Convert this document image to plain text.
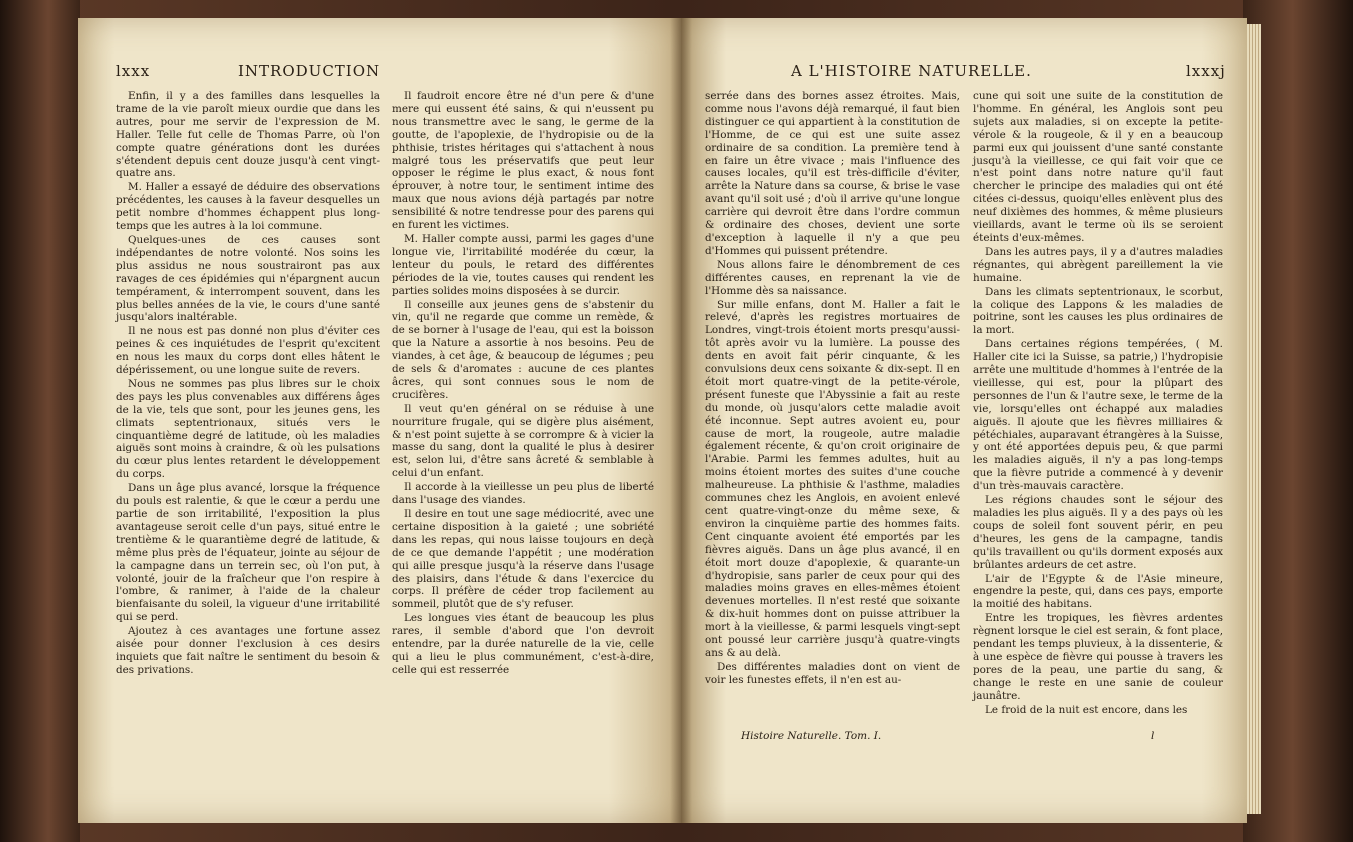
lxxx	INTRODUCTION

Enfin, il y a des familles dans lesquelles la trame de la vie paroît mieux ourdie que dans les autres, pour me servir de l'expression de M. Haller. Telle fut celle de Thomas Parre, où l'on compte quatre générations dont les durées s'étendent depuis cent douze jusqu'à cent vingt-quatre ans.

M. Haller a essayé de déduire des observations précédentes, les causes à la faveur desquelles un petit nombre d'hommes échappent plus long-temps que les autres à la loi commune.

Quelques-unes de ces causes sont indépendantes de notre volonté. Nos soins les plus assidus ne nous soustrairont pas aux ravages de ces épidémies qui n'épargnent aucun tempérament, & interrompent souvent, dans les plus belles années de la vie, le cours d'une santé jusqu'alors inaltérable.

Il ne nous est pas donné non plus d'éviter ces peines & ces inquiétudes de l'esprit qu'excitent en nous les maux du corps dont elles hâtent le dépérissement, ou une longue suite de revers.

Nous ne sommes pas plus libres sur le choix des pays les plus convenables aux différens âges de la vie, tels que sont, pour les jeunes gens, les climats septentrionaux, situés vers le cinquantième degré de latitude, où les maladies aiguës sont moins à craindre, & où les pulsations du cœur plus lentes retardent le développement du corps.

Dans un âge plus avancé, lorsque la fréquence du pouls est ralentie, & que le cœur a perdu une partie de son irritabilité, l'exposition la plus avantageuse seroit celle d'un pays, situé entre le trentième & le quarantième degré de latitude, & même plus près de l'équateur, jointe au séjour de la campagne dans un terrein sec, où l'on put, à volonté, jouir de la fraîcheur que l'on respire à l'ombre, & ranimer, à l'aide de la chaleur bienfaisante du soleil, la vigueur d'une irritabilité qui se perd.

Ajoutez à ces avantages une fortune assez aisée pour donner l'exclusion à ces desirs inquiets que fait naître le sentiment du besoin & des privations.

Il faudroit encore être né d'un pere & d'une mere qui eussent été sains, & qui n'eussent pu nous transmettre avec le sang, le germe de la goutte, de l'apoplexie, de l'hydropisie ou de la phthisie, tristes héritages qui s'attachent à nous malgré tous les préservatifs que peut leur opposer le régime le plus exact, & nous font éprouver, à notre tour, le sentiment intime des maux que nous avions déjà partagés par notre sensibilité & notre tendresse pour des parens qui en furent les victimes.

M. Haller compte aussi, parmi les gages d'une longue vie, l'irritabilité modérée du cœur, la lenteur du pouls, le retard des différentes périodes de la vie, toutes causes qui rendent les parties solides moins disposées à se durcir.

Il conseille aux jeunes gens de s'abstenir du vin, qu'il ne regarde que comme un remède, & de se borner à l'usage de l'eau, qui est la boisson que la Nature a assortie à nos besoins. Peu de viandes, à cet âge, & beaucoup de légumes ; peu de sels & d'aromates : aucune de ces plantes âcres, qui sont connues sous le nom de crucifères.

Il veut qu'en général on se réduise à une nourriture frugale, qui se digère plus aisément, & n'est point sujette à se corrompre & à vicier la masse du sang, dont la qualité le plus à desirer est, selon lui, d'être sans âcreté & semblable à celui d'un enfant.

Il accorde à la vieillesse un peu plus de liberté dans l'usage des viandes.

Il desire en tout une sage médiocrité, avec une certaine disposition à la gaieté ; une sobriété dans les repas, qui nous laisse toujours en deçà de ce que demande l'appétit ; une modération qui aille presque jusqu'à la réserve dans l'usage des plaisirs, dans l'étude & dans l'exercice du corps. Il préfère de céder trop facilement au sommeil, plutôt que de s'y refuser.

Les longues vies étant de beaucoup les plus rares, il semble d'abord que l'on devroit entendre, par la durée naturelle de la vie, celle qui a lieu le plus communément, c'est-à-dire, celle qui est resserrée

A L'HISTOIRE NATURELLE.	lxxxj

serrée dans des bornes assez étroites. Mais, comme nous l'avons déjà remarqué, il faut bien distinguer ce qui appartient à la constitution de l'Homme, de ce qui est une suite assez ordinaire de sa condition. La première tend à en faire un être vivace ; mais l'influence des causes locales, qu'il est très-difficile d'éviter, arrête la Nature dans sa course, & brise le vase avant qu'il soit usé ; d'où il arrive qu'une longue carrière qui devroit être dans l'ordre commun & ordinaire des choses, devient une sorte d'exception à laquelle il n'y a que peu d'Hommes qui puissent prétendre.

Nous allons faire le dénombrement de ces différentes causes, en reprenant la vie de l'Homme dès sa naissance.

Sur mille enfans, dont M. Haller a fait le relevé, d'après les registres mortuaires de Londres, vingt-trois étoient morts presqu'aussi-tôt après avoir vu la lumière. La pousse des dents en avoit fait périr cinquante, & les convulsions deux cens soixante & dix-sept. Il en étoit mort quatre-vingt de la petite-vérole, présent funeste que l'Abyssinie a fait au reste du monde, où jusqu'alors cette maladie avoit été inconnue. Sept autres avoient eu, pour cause de mort, la rougeole, autre maladie également récente, & qu'on croit originaire de l'Arabie. Parmi les femmes adultes, huit au moins étoient mortes des suites d'une couche malheureuse. La phthisie & l'asthme, maladies communes chez les Anglois, en avoient enlevé cent quatre-vingt-onze du même sexe, & environ la cinquième partie des hommes faits. Cent cinquante avoient été emportés par les fièvres aiguës. Dans un âge plus avancé, il en étoit mort douze d'apoplexie, & quarante-un d'hydropisie, sans parler de ceux pour qui des maladies moins graves en elles-mêmes étoient devenues mortelles. Il n'est resté que soixante & dix-huit hommes dont on puisse attribuer la mort à la vieillesse, & parmi lesquels vingt-sept ont poussé leur carrière jusqu'à quatre-vingts ans & au delà.

Des différentes maladies dont on vient de voir les funestes effets, il n'en est au-

cune qui soit une suite de la constitution de l'homme. En général, les Anglois sont peu sujets aux maladies, si on excepte la petite-vérole & la rougeole, & il y en a beaucoup parmi eux qui jouissent d'une santé constante jusqu'à la vieillesse, ce qui fait voir que ce n'est point dans notre nature qu'il faut chercher le principe des maladies qui ont été citées ci-dessus, quoiqu'elles enlèvent plus des neuf dixièmes des hommes, & même plusieurs vieillards, avant le terme où ils se seroient éteints d'eux-mêmes.

Dans les autres pays, il y a d'autres maladies régnantes, qui abrègent pareillement la vie humaine.

Dans les climats septentrionaux, le scorbut, la colique des Lappons & les maladies de poitrine, sont les causes les plus ordinaires de la mort.

Dans certaines régions tempérées, ( M. Haller cite ici la Suisse, sa patrie,) l'hydropisie arrête une multitude d'hommes à l'entrée de la vieillesse, qui est, pour la plûpart des personnes de l'un & l'autre sexe, le terme de la vie, lorsqu'elles ont échappé aux maladies aiguës. Il ajoute que les fièvres milliaires & pétéchiales, auparavant étrangères à la Suisse, y ont été apportées depuis peu, & que parmi les maladies aiguës, il n'y a pas long-temps que la fièvre putride a commencé à y devenir d'un très-mauvais caractère.

Les régions chaudes sont le séjour des maladies les plus aiguës. Il y a des pays où les coups de soleil font souvent périr, en peu d'heures, les gens de la campagne, tandis qu'ils travaillent ou qu'ils dorment exposés aux brûlantes ardeurs de cet astre.

L'air de l'Egypte & de l'Asie mineure, engendre la peste, qui, dans ces pays, emporte la moitié des habitans.

Entre les tropiques, les fièvres ardentes règnent lorsque le ciel est serain, & font place, pendant les temps pluvieux, à la dissenterie, & à une espèce de fièvre qui pousse à travers les pores de la peau, une partie du sang, & change le reste en une sanie de couleur jaunâtre.

Le froid de la nuit est encore, dans les

Histoire Naturelle. Tom. I.	l
